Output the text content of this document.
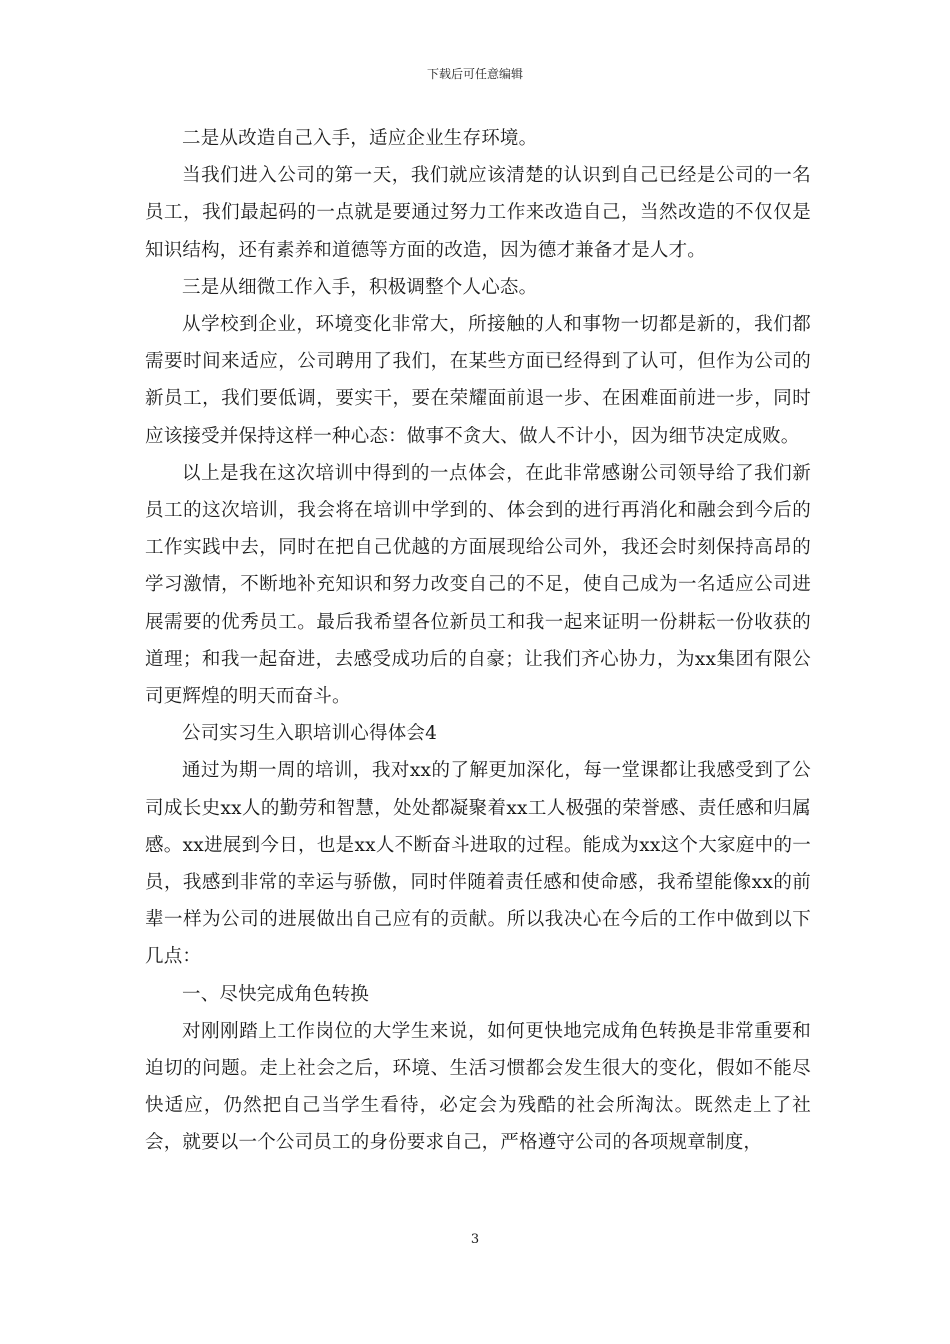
下载后可任意编辑

二是从改造自己入手，适应企业生存环境。

当我们进入公司的第一天，我们就应该清楚的认识到自己已经是公司的一名员工，我们最起码的一点就是要通过努力工作来改造自己，当然改造的不仅仅是知识结构，还有素养和道德等方面的改造，因为德才兼备才是人才。

三是从细微工作入手，积极调整个人心态。

从学校到企业，环境变化非常大，所接触的人和事物一切都是新的，我们都需要时间来适应，公司聘用了我们，在某些方面已经得到了认可，但作为公司的新员工，我们要低调，要实干，要在荣耀面前退一步、在困难面前进一步，同时应该接受并保持这样一种心态：做事不贪大、做人不计小，因为细节决定成败。

以上是我在这次培训中得到的一点体会，在此非常感谢公司领导给了我们新员工的这次培训，我会将在培训中学到的、体会到的进行再消化和融会到今后的工作实践中去，同时在把自己优越的方面展现给公司外，我还会时刻保持高昂的学习激情，不断地补充知识和努力改变自己的不足，使自己成为一名适应公司进展需要的优秀员工。最后我希望各位新员工和我一起来证明一份耕耘一份收获的道理；和我一起奋进，去感受成功后的自豪；让我们齐心协力，为xx集团有限公司更辉煌的明天而奋斗。

公司实习生入职培训心得体会4

通过为期一周的培训，我对xx的了解更加深化，每一堂课都让我感受到了公司成长史xx人的勤劳和智慧，处处都凝聚着xx工人极强的荣誉感、责任感和归属感。xx进展到今日，也是xx人不断奋斗进取的过程。能成为xx这个大家庭中的一员，我感到非常的幸运与骄傲，同时伴随着责任感和使命感，我希望能像xx的前辈一样为公司的进展做出自己应有的贡献。所以我决心在今后的工作中做到以下几点：

一、尽快完成角色转换

对刚刚踏上工作岗位的大学生来说，如何更快地完成角色转换是非常重要和迫切的问题。走上社会之后，环境、生活习惯都会发生很大的变化，假如不能尽快适应，仍然把自己当学生看待，必定会为残酷的社会所淘汰。既然走上了社会，就要以一个公司员工的身份要求自己，严格遵守公司的各项规章制度，

3
